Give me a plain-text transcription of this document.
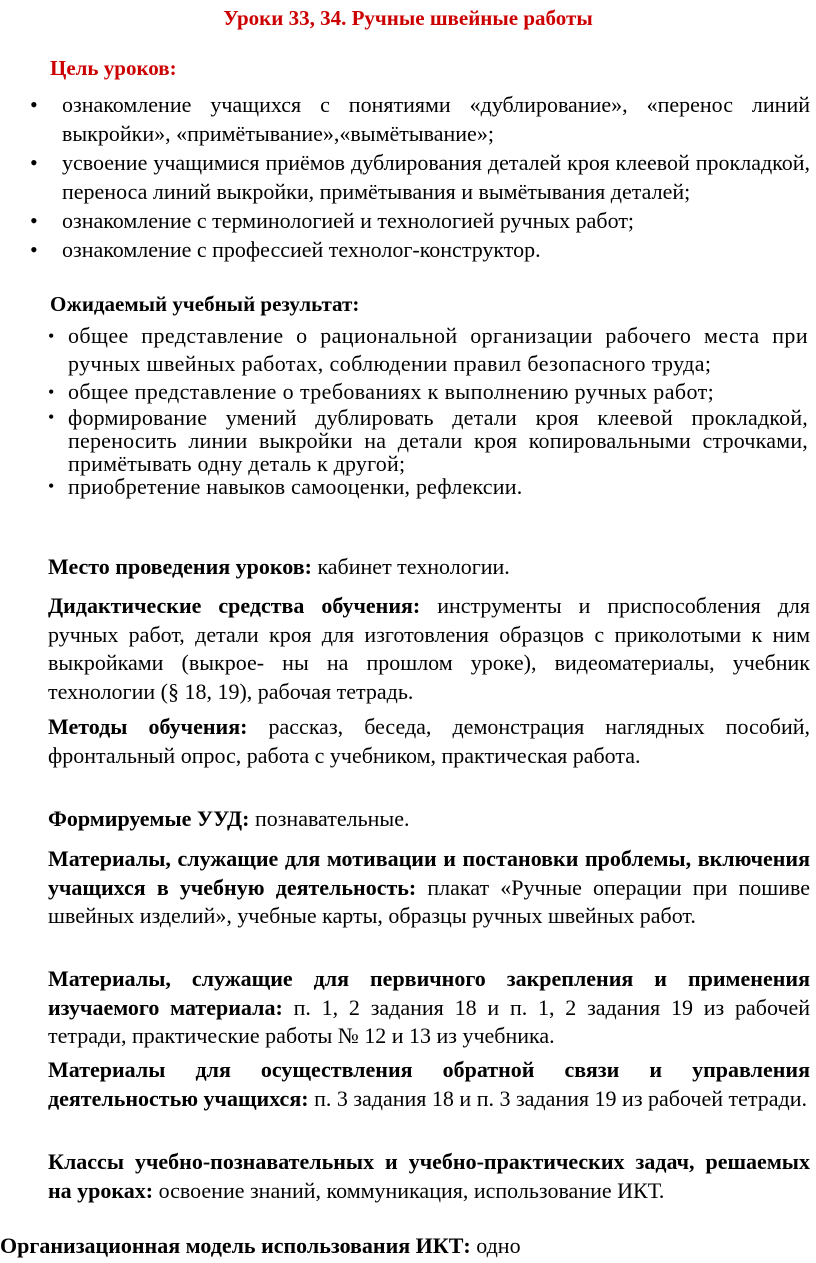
Уроки 33, 34. Ручные швейные работы
Цель уроков:
• ознакомление учащихся с понятиями «дублирование», «перенос линий выкройки», «примётывание»,«вымётывание»;
• усвоение учащимися приёмов дублирования деталей кроя клеевой прокладкой, переноса линий выкройки, примётывания и вымётывания деталей;
• ознакомление с терминологией и технологией ручных работ;
• ознакомление с профессией технолог-конструктор.
Ожидаемый учебный результат:
• общее представление о рациональной организации рабочего места при ручных швейных работах, соблюдении правил безопасного труда;
• общее представление о требованиях к выполнению ручных работ;
• формирование умений дублировать детали кроя клеевой прокладкой, переносить линии выкройки на детали кроя копировальными строчками, примётывать одну деталь к другой;
• приобретение навыков самооценки, рефлексии.

Место проведения уроков: кабинет технологии.

Дидактические средства обучения: инструменты и приспособления для ручных работ, детали кроя для изготовления образцов с приколотыми к ним выкройками (выкрое- ны на прошлом уроке), видеоматериалы, учебник технологии (§ 18, 19), рабочая тетрадь.

Методы обучения: рассказ, беседа, демонстрация наглядных пособий, фронтальный опрос, работа с учебником, практическая работа.

Формируемые УУД: познавательные.

Материалы, служащие для мотивации и постановки проблемы, включения учащихся в учебную деятельность: плакат «Ручные операции при пошиве швейных изделий», учебные карты, образцы ручных швейных работ.

Материалы, служащие для первичного закрепления и применения изучаемого материала: п. 1, 2 задания 18 и п. 1, 2 задания 19 из рабочей тетради, практические работы № 12 и 13 из учебника.

Материалы для осуществления обратной связи и управления деятельностью учащихся: п. 3 задания 18 и п. 3 задания 19 из рабочей тетради.

Классы учебно-познавательных и учебно-практических задач, решаемых на уроках: освоение знаний, коммуникация, использование ИКТ.

Организационная модель использования ИКТ: одно
